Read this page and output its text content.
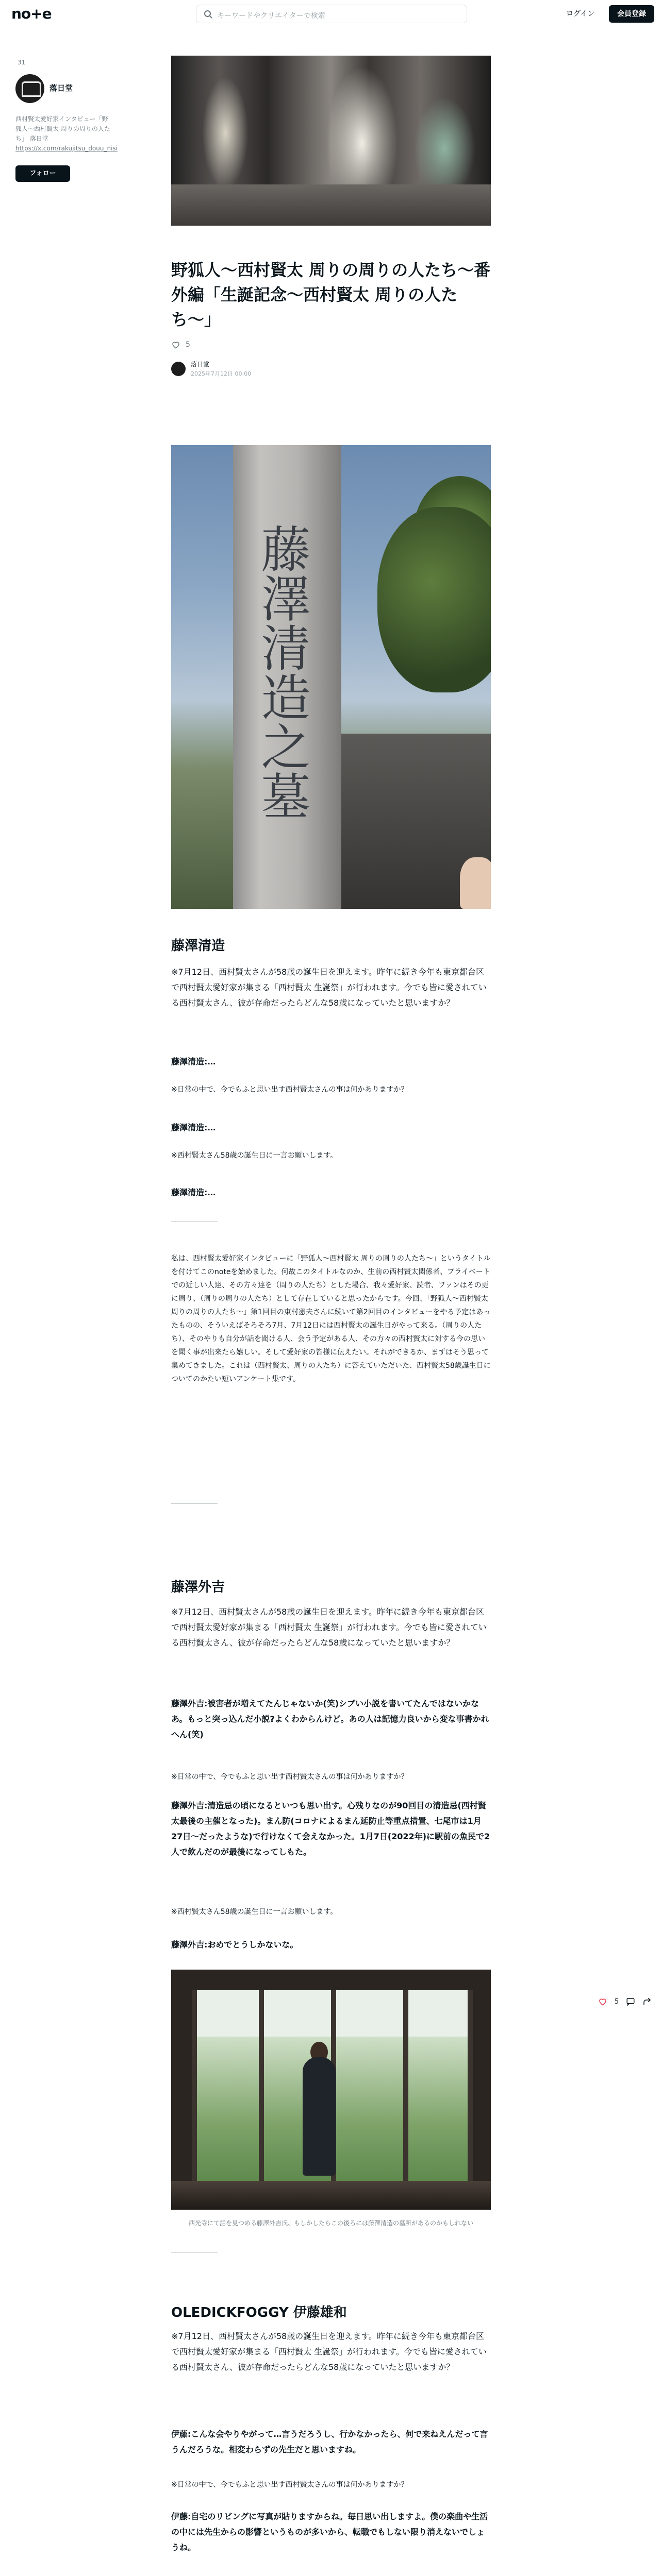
no+e	キーワードやクリエイターで検索	ログイン	会員登録
31
落日堂
西村賢太愛好家インタビュー「野狐人〜西村賢太 周りの周りの人たち」 落日堂
https://x.com/rakujitsu_douu_nisi
フォロー
野狐人〜西村賢太 周りの周りの人たち〜番外編「生誕記念〜西村賢太 周りの人たち〜」
5
落日堂
2025年7月12日 00:00
藤澤清造之墓
藤澤清造

※7月12日、西村賢太さんが58歳の誕生日を迎えます。昨年に続き今年も東京都台区で西村賢太愛好家が集まる「西村賢太 生誕祭」が行われます。今でも皆に愛されている西村賢太さん、彼が存命だったらどんな58歳になっていたと思いますか？

藤澤清造:…

※日常の中で、今でもふと思い出す西村賢太さんの事は何かありますか？

藤澤清造:…

※西村賢太さん58歳の誕生日に一言お願いします。

藤澤清造:…

私は、西村賢太愛好家インタビューに「野狐人〜西村賢太 周りの周りの人たち〜」というタイトルを付けてこのnoteを始めました。何故このタイトルなのか、生前の西村賢太関係者、プライベートでの近しい人達、その方々達を（周りの人たち）とした場合、我々愛好家、読者、ファンはその更に周り、（周りの周りの人たち）として存在していると思ったからです。今回、「野狐人〜西村賢太 周りの周りの人たち〜」第1回目の東村憲夫さんに続いて第2回目のインタビューをやる予定はあったものの、そういえばそろそろ7月、7月12日には西村賢太の誕生日がやって来る。（周りの人たち）、そのやりも自分が話を聞ける人、会う予定がある人、その方々の西村賢太に対する今の思いを聞く事が出来たら嬉しい。そして愛好家の皆様に伝えたい。それができるか、まずはそう思って集めてきました。これは（西村賢太、周りの人たち）に答えていただいた、西村賢太58歳誕生日についてのかたい短いアンケート集です。

藤澤外吉

※7月12日、西村賢太さんが58歳の誕生日を迎えます。昨年に続き今年も東京都台区で西村賢太愛好家が集まる「西村賢太 生誕祭」が行われます。今でも皆に愛されている西村賢太さん、彼が存命だったらどんな58歳になっていたと思いますか？

藤澤外吉:被害者が増えてたんじゃないか(笑)シブい小説を書いてたんではないかなあ。もっと突っ込んだ小説?よくわからんけど。あの人は記憶力良いから変な事書かれへん(笑)

※日常の中で、今でもふと思い出す西村賢太さんの事は何かありますか？

藤澤外吉:清造忌の頃になるといつも思い出す。心残りなのが90回目の清造忌(西村賢太最後の主催となった)。まん防(コロナによるまん延防止等重点措置、七尾市は1月27日〜だったような)で行けなくて会えなかった。1月7日(2022年)に駅前の魚民で2人で飲んだのが最後になってしもた。

※西村賢太さん58歳の誕生日に一言お願いします。

藤澤外吉:おめでとうしかないな。

西光寺にて話を見つめる藤澤外吉氏、もしかしたらこの後ろには藤澤清造の墓所があるのかもしれない
OLEDICKFOGGY 伊藤雄和

※7月12日、西村賢太さんが58歳の誕生日を迎えます。昨年に続き今年も東京都台区で西村賢太愛好家が集まる「西村賢太 生誕祭」が行われます。今でも皆に愛されている西村賢太さん、彼が存命だったらどんな58歳になっていたと思いますか？

伊藤:こんな会やりやがって…言うだろうし、行かなかったら、何で来ねえんだって言うんだろうな。相変わらずの先生だと思いますね。

※日常の中で、今でもふと思い出す西村賢太さんの事は何かありますか？

伊藤:自宅のリビングに写真が貼りますからね。毎日思い出しますよ。僕の楽曲や生活の中には先生からの影響というものが多いから、転職でもしない限り消えないでしょうね。

5
